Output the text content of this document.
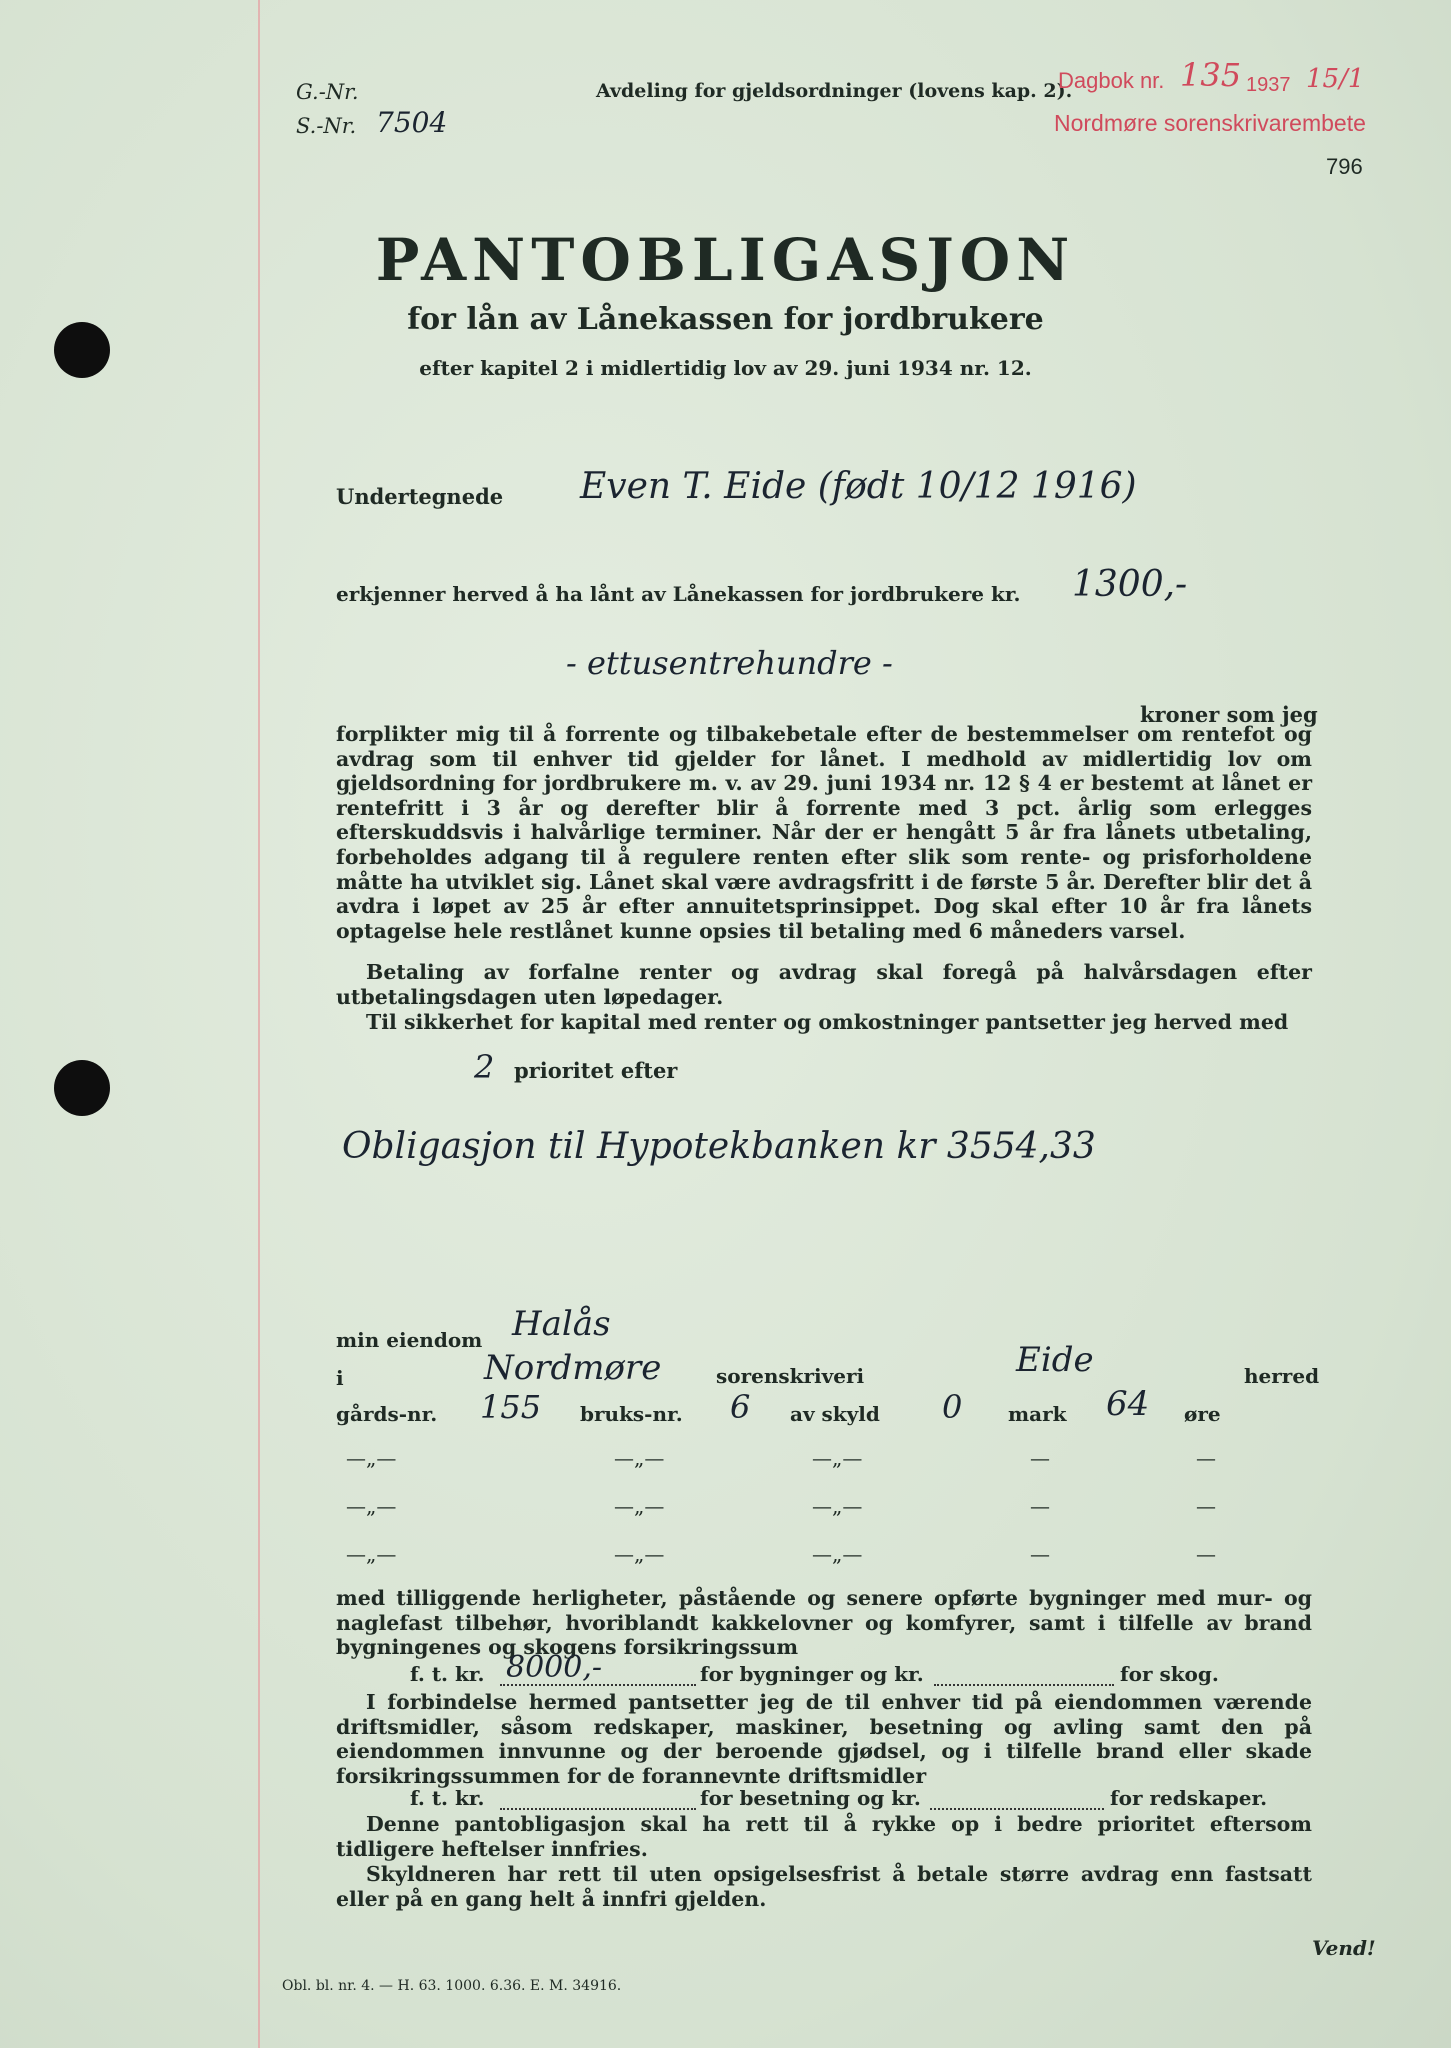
G.-Nr.
S.-Nr. 7504
Avdeling for gjeldsordninger (lovens kap. 2).
Dagbok nr. 135 1937 15/1
Nordmøre sorenskrivarembete
796
PANTOBLIGASJON
for lån av Lånekassen for jordbrukere
efter kapitel 2 i midlertidig lov av 29. juni 1934 nr. 12.
Undertegnede Even T. Eide (født 10/12 1916)
erkjenner herved å ha lånt av Lånekassen for jordbrukere kr. 1300,-
- ettusentrehundre -
kroner som jeg
forplikter mig til å forrente og tilbakebetale efter de bestemmelser om rentefot og avdrag som til enhver tid gjelder for lånet. I medhold av midlertidig lov om gjeldsordning for jordbrukere m. v. av 29. juni 1934 nr. 12 § 4 er bestemt at lånet er rentefritt i 3 år og derefter blir å forrente med 3 pct. årlig som erlegges efterskuddsvis i halvårlige terminer. Når der er hengått 5 år fra lånets utbetaling, forbeholdes adgang til å regulere renten efter slik som rente- og prisforholdene måtte ha utviklet sig. Lånet skal være avdragsfritt i de første 5 år. Derefter blir det å avdra i løpet av 25 år efter annuitetsprinsippet. Dog skal efter 10 år fra lånets optagelse hele restlånet kunne opsies til betaling med 6 måneders varsel.
Betaling av forfalne renter og avdrag skal foregå på halvårsdagen efter utbetalingsdagen uten løpedager.
Til sikkerhet for kapital med renter og omkostninger pantsetter jeg herved med
2 prioritet efter
Obligasjon til Hypotekbanken kr 3554,33
min eiendom Halås
i	Nordmøre	sorenskriveri	Eide	herred
gårds-nr. 155 bruks-nr. 6 av skyld 0 mark 64 øre
—„—	—„—	—„—	—	—
—„—	—„—	—„—	—	—
—„—	—„—	—„—	—	—
med tilliggende herligheter, påstående og senere opførte bygninger med mur- og naglefast tilbehør, hvoriblandt kakkelovner og komfyrer, samt i tilfelle av brand bygningenes og skogens forsikringssum
f. t. kr. 8000,-	for bygninger og kr.	for skog.
I forbindelse hermed pantsetter jeg de til enhver tid på eiendommen værende driftsmidler, såsom redskaper, maskiner, besetning og avling samt den på eiendommen innvunne og der beroende gjødsel, og i tilfelle brand eller skade forsikringssummen for de forannevnte driftsmidler
f. t. kr.	for besetning og kr.	for redskaper.
Denne pantobligasjon skal ha rett til å rykke op i bedre prioritet eftersom tidligere heftelser innfries.
Skyldneren har rett til uten opsigelsesfrist å betale større avdrag enn fastsatt eller på en gang helt å innfri gjelden.
Vend!
Obl. bl. nr. 4. — H. 63. 1000. 6.36. E. M. 34916.
